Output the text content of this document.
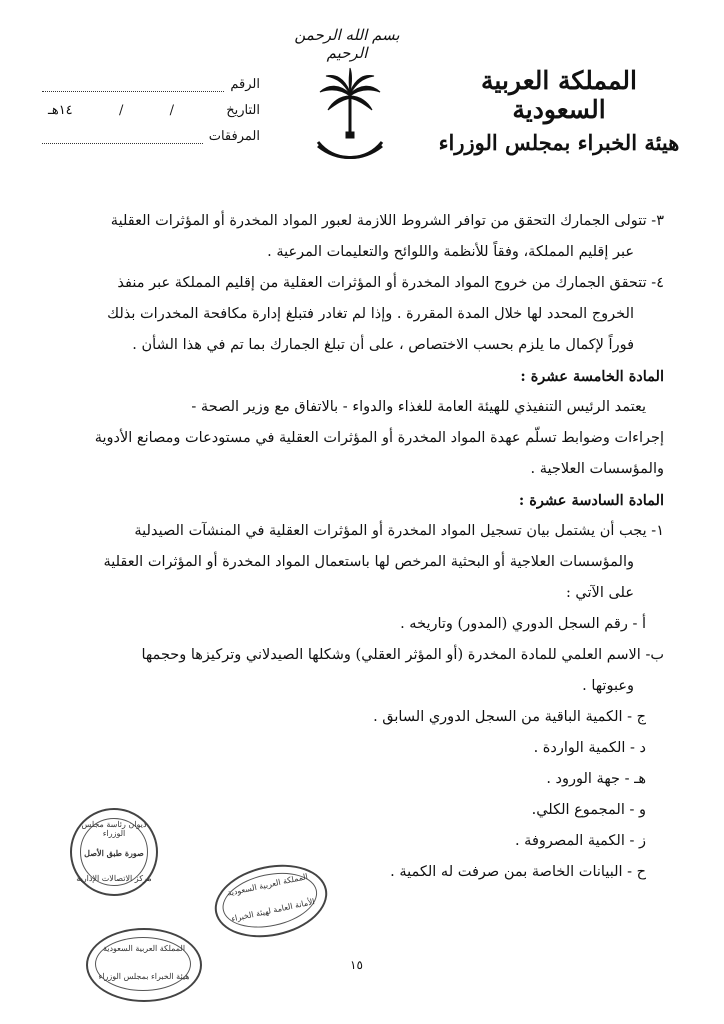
بسم الله الرحمن الرحيم
المملكة العربية السعودية
هيئة الخبراء بمجلس الوزراء
الرقم
التاريخ
/
/
١٤هـ
المرفقات
٣- تتولى الجمارك التحقق من توافر الشروط اللازمة لعبور المواد المخدرة أو المؤثرات العقلية
عبر إقليم المملكة، وفقاً للأنظمة واللوائح والتعليمات المرعية .
٤- تتحقق الجمارك من خروج المواد المخدرة أو المؤثرات العقلية من إقليم المملكة عبر منفذ
الخروج المحدد لها خلال المدة المقررة . وإذا لم تغادر فتبلغ إدارة مكافحة المخدرات بذلك
فوراً لإكمال ما يلزم بحسب الاختصاص ، على أن تبلغ الجمارك بما تم في هذا الشأن .
المادة الخامسة عشرة :
يعتمد الرئيس التنفيذي للهيئة العامة للغذاء والدواء - بالاتفاق مع وزير الصحة -
إجراءات وضوابط تسلّم عهدة المواد المخدرة أو المؤثرات العقلية في مستودعات ومصانع الأدوية
والمؤسسات العلاجية .
المادة السادسة عشرة :
١- يجب أن يشتمل بيان تسجيل المواد المخدرة أو المؤثرات العقلية في المنشآت الصيدلية
والمؤسسات العلاجية أو البحثية المرخص لها باستعمال المواد المخدرة أو المؤثرات العقلية
على الآتي :
أ - رقم السجل الدوري (المدور) وتاريخه .
ب- الاسم العلمي للمادة المخدرة (أو المؤثر العقلي) وشكلها الصيدلاني وتركيزها وحجمها
وعبوتها .
ج - الكمية الباقية من السجل الدوري السابق .
د - الكمية الواردة .
هـ - جهة الورود .
و - المجموع الكلي.
ز - الكمية المصروفة .
ح - البيانات الخاصة بمن صرفت له الكمية .
ديوان رئاسة مجلس الوزراء
صورة طبق الأصل
مركز الاتصالات الإدارية	المملكة العربية السعودية
الأمانة العامة لهيئة الخبراء
المملكة العربية السعودية
هيئة الخبراء بمجلس الوزراء
١٥
